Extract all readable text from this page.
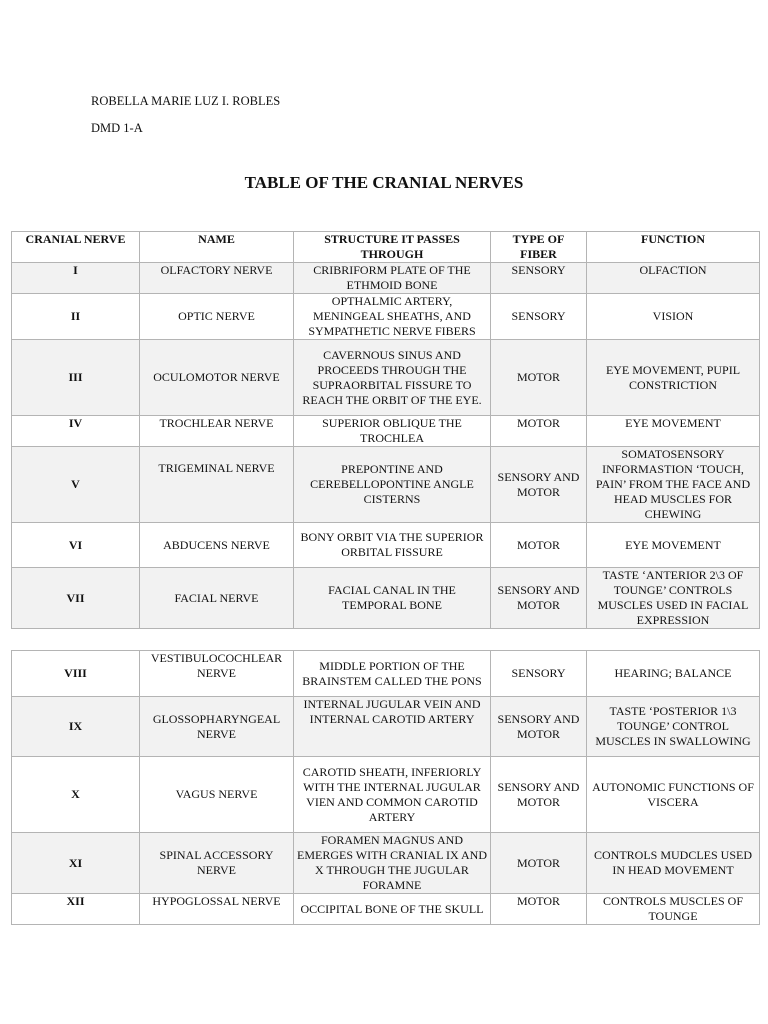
ROBELLA MARIE LUZ I. ROBLES
DMD 1-A
TABLE OF THE CRANIAL NERVES
CRANIAL NERVE	NAME	STRUCTURE IT PASSES THROUGH	TYPE OF FIBER	FUNCTION
I	OLFACTORY NERVE	CRIBRIFORM PLATE OF THE ETHMOID BONE	SENSORY	OLFACTION
II	OPTIC NERVE	OPTHALMIC ARTERY, MENINGEAL SHEATHS, AND SYMPATHETIC NERVE FIBERS	SENSORY	VISION
III	OCULOMOTOR NERVE	CAVERNOUS SINUS AND PROCEEDS THROUGH THE SUPRAORBITAL FISSURE TO REACH THE ORBIT OF THE EYE.	MOTOR	EYE MOVEMENT, PUPIL CONSTRICTION
IV	TROCHLEAR NERVE	SUPERIOR OBLIQUE THE TROCHLEA	MOTOR	EYE MOVEMENT
V	TRIGEMINAL NERVE	PREPONTINE AND CEREBELLOPONTINE ANGLE CISTERNS	SENSORY AND MOTOR	SOMATOSENSORY INFORMASTION ‘TOUCH, PAIN’ FROM THE FACE AND HEAD MUSCLES FOR CHEWING
VI	ABDUCENS NERVE	BONY ORBIT VIA THE SUPERIOR ORBITAL FISSURE	MOTOR	EYE MOVEMENT
VII	FACIAL NERVE	FACIAL CANAL IN THE TEMPORAL BONE	SENSORY AND MOTOR	TASTE ‘ANTERIOR 2\3 OF TOUNGE’ CONTROLS MUSCLES USED IN FACIAL EXPRESSION
VIII	VESTIBULOCOCHLEAR NERVE	MIDDLE PORTION OF THE BRAINSTEM CALLED THE PONS	SENSORY	HEARING; BALANCE
IX	GLOSSOPHARYNGEAL NERVE	INTERNAL JUGULAR VEIN AND INTERNAL CAROTID ARTERY	SENSORY AND MOTOR	TASTE ‘POSTERIOR 1\3 TOUNGE’ CONTROL MUSCLES IN SWALLOWING
X	VAGUS NERVE	CAROTID SHEATH, INFERIORLY WITH THE INTERNAL JUGULAR VIEN AND COMMON CAROTID ARTERY	SENSORY AND MOTOR	AUTONOMIC FUNCTIONS OF VISCERA
XI	SPINAL ACCESSORY NERVE	FORAMEN MAGNUS AND EMERGES WITH CRANIAL IX AND X THROUGH THE JUGULAR FORAMNE	MOTOR	CONTROLS MUDCLES USED IN HEAD MOVEMENT
XII	HYPOGLOSSAL NERVE	OCCIPITAL BONE OF THE SKULL	MOTOR	CONTROLS MUSCLES OF TOUNGE
